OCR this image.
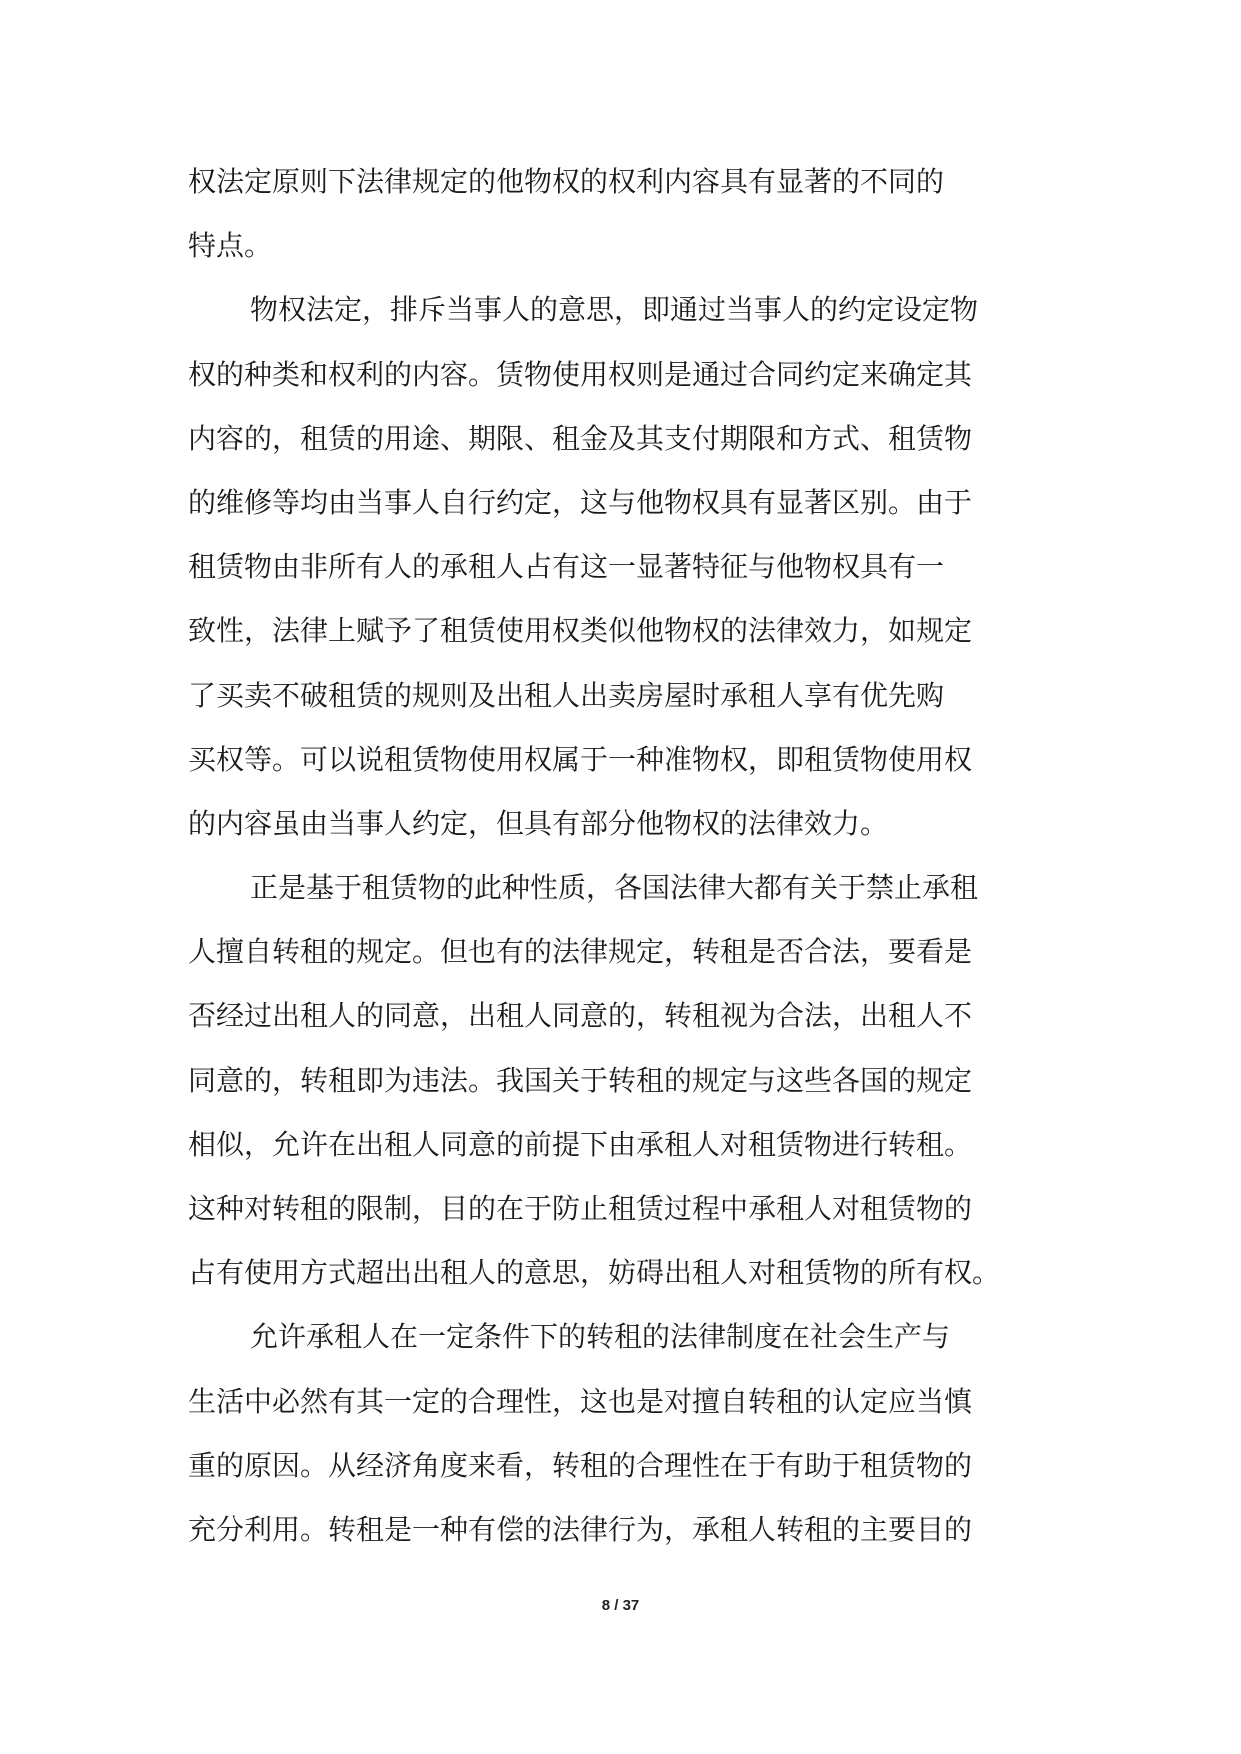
权法定原则下法律规定的他物权的权利内容具有显著的不同的
特点。
物权法定，排斥当事人的意思，即通过当事人的约定设定物
权的种类和权利的内容。赁物使用权则是通过合同约定来确定其
内容的，租赁的用途、期限、租金及其支付期限和方式、租赁物
的维修等均由当事人自行约定，这与他物权具有显著区别。由于
租赁物由非所有人的承租人占有这一显著特征与他物权具有一
致性，法律上赋予了租赁使用权类似他物权的法律效力，如规定
了买卖不破租赁的规则及出租人出卖房屋时承租人享有优先购
买权等。可以说租赁物使用权属于一种准物权，即租赁物使用权
的内容虽由当事人约定，但具有部分他物权的法律效力。
正是基于租赁物的此种性质，各国法律大都有关于禁止承租
人擅自转租的规定。但也有的法律规定，转租是否合法，要看是
否经过出租人的同意，出租人同意的，转租视为合法，出租人不
同意的，转租即为违法。我国关于转租的规定与这些各国的规定
相似，允许在出租人同意的前提下由承租人对租赁物进行转租。
这种对转租的限制，目的在于防止租赁过程中承租人对租赁物的
占有使用方式超出出租人的意思，妨碍出租人对租赁物的所有权。
允许承租人在一定条件下的转租的法律制度在社会生产与
生活中必然有其一定的合理性，这也是对擅自转租的认定应当慎
重的原因。从经济角度来看，转租的合理性在于有助于租赁物的
充分利用。转租是一种有偿的法律行为，承租人转租的主要目的
8 / 37
